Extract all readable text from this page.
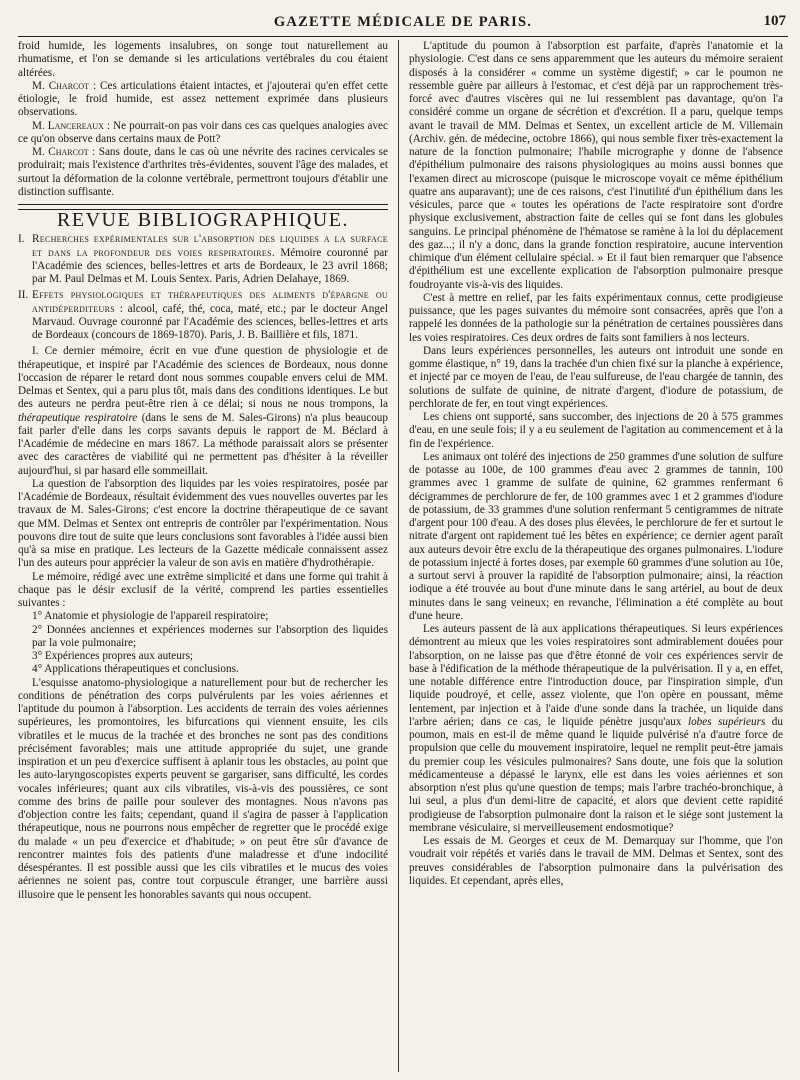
GAZETTE MÉDICALE DE PARIS.	107

froid humide, les logements insalubres, on songe tout naturellement au rhumatisme, et l'on se demande si les articulations vertébrales du cou étaient altérées.

M. Charcot : Ces articulations étaient intactes, et j'ajouterai qu'en effet cette étiologie, le froid humide, est assez nettement exprimée dans plusieurs observations.

M. Lancereaux : Ne pourrait-on pas voir dans ces cas quelques analogies avec ce qu'on observe dans certains maux de Pott?

M. Charcot : Sans doute, dans le cas où une névrite des racines cervicales se produirait; mais l'existence d'arthrites très-évidentes, souvent l'âge des malades, et surtout la déformation de la colonne vertébrale, permettront toujours d'établir une distinction suffisante.

REVUE BIBLIOGRAPHIQUE.

I. Recherches expérimentales sur l'absorption des liquides a la surface et dans la profondeur des voies respiratoires. Mémoire couronné par l'Académie des sciences, belles-lettres et arts de Bordeaux, le 23 avril 1868; par M. Paul Delmas et M. Louis Sentex. Paris, Adrien Delahaye, 1869.

II. Effets physiologiques et thérapeutiques des aliments d'épargne ou antidéperditeurs : alcool, café, thé, coca, maté, etc.; par le docteur Angel Marvaud. Ouvrage couronné par l'Académie des sciences, belles-lettres et arts de Bordeaux (concours de 1869-1870). Paris, J. B. Baillière et fils, 1871.

I. Ce dernier mémoire, écrit en vue d'une question de physiologie et de thérapeutique, et inspiré par l'Académie des sciences de Bordeaux, nous donne l'occasion de réparer le retard dont nous sommes coupable envers celui de MM. Delmas et Sentex, qui a paru plus tôt, mais dans des conditions identiques. Le but des auteurs ne perdra peut-être rien à ce délai; si nous ne nous trompons, la thérapeutique respiratoire (dans le sens de M. Sales-Girons) n'a plus beaucoup fait parler d'elle dans les corps savants depuis le rapport de M. Béclard à l'Académie de médecine en mars 1867. La méthode paraissait alors se présenter avec des caractères de viabilité qui ne permettent pas d'hésiter à la réveiller aujourd'hui, si par hasard elle sommeillait.

La question de l'absorption des liquides par les voies respiratoires, posée par l'Académie de Bordeaux, résultait évidemment des vues nouvelles ouvertes par les travaux de M. Sales-Girons; c'est encore la doctrine thérapeutique de ce savant que MM. Delmas et Sentex ont entrepris de contrôler par l'expérimentation. Nous pouvons dire tout de suite que leurs conclusions sont favorables à l'idée aussi bien qu'à sa mise en pratique. Les lecteurs de la Gazette médicale connaissent assez l'un des auteurs pour apprécier la valeur de son avis en matière d'hydrothérapie.

Le mémoire, rédigé avec une extrême simplicité et dans une forme qui trahit à chaque pas le désir exclusif de la vérité, comprend les parties essentielles suivantes :

1° Anatomie et physiologie de l'appareil respiratoire;

2° Données anciennes et expériences modernes sur l'absorption des liquides par la voie pulmonaire;

3° Expériences propres aux auteurs;

4° Applications thérapeutiques et conclusions.

L'esquisse anatomo-physiologique a naturellement pour but de rechercher les conditions de pénétration des corps pulvérulents par les voies aériennes et l'aptitude du poumon à l'absorption. Les accidents de terrain des voies aériennes supérieures, les promontoires, les bifurcations qui viennent ensuite, les cils vibratiles et le mucus de la trachée et des bronches ne sont pas des conditions précisément favorables; mais une attitude appropriée du sujet, une grande inspiration et un peu d'exercice suffisent à aplanir tous les obstacles, au point que les auto-laryngoscopistes experts peuvent se gargariser, sans difficulté, les cordes vocales inférieures; quant aux cils vibratiles, vis-à-vis des poussières, ce sont comme des brins de paille pour soulever des montagnes. Nous n'avons pas d'objection contre les faits; cependant, quand il s'agira de passer à l'application thérapeutique, nous ne pourrons nous empêcher de regretter que le procédé exige du malade « un peu d'exercice et d'habitude; » on peut être sûr d'avance de rencontrer maintes fois des patients d'une maladresse et d'une indocilité désespérantes. Il est possible aussi que les cils vibratiles et le mucus des voies aériennes ne soient pas, contre tout corpuscule étranger, une barrière aussi illusoire que le pensent les honorables savants qui nous occupent.

L'aptitude du poumon à l'absorption est parfaite, d'après l'anatomie et la physiologie. C'est dans ce sens apparemment que les auteurs du mémoire seraient disposés à la considérer « comme un système digestif; » car le poumon ne ressemble guère par ailleurs à l'estomac, et c'est déjà par un rapprochement très-forcé avec d'autres viscères qui ne lui ressemblent pas davantage, qu'on l'a considéré comme un organe de sécrétion et d'excrétion. Il a paru, quelque temps avant le travail de MM. Delmas et Sentex, un excellent article de M. Villemain (Archiv. gén. de médecine, octobre 1866), qui nous semble fixer très-exactement la nature de la fonction pulmonaire; l'habile micrographe y donne de l'absence d'épithélium pulmonaire des raisons physiologiques au moins aussi bonnes que l'examen direct au microscope (puisque le microscope voyait ce même épithélium quatre ans auparavant); une de ces raisons, c'est l'inutilité d'un épithélium dans les vésicules, parce que « toutes les opérations de l'acte respiratoire sont d'ordre physique exclusivement, abstraction faite de celles qui se font dans les globules sanguins. Le principal phénomène de l'hématose se ramène à la loi du déplacement des gaz...; il n'y a donc, dans la grande fonction respiratoire, aucune intervention chimique d'un élément cellulaire spécial. » Et il faut bien remarquer que l'absence d'épithélium est une excellente explication de l'absorption pulmonaire presque foudroyante vis-à-vis des liquides.

C'est à mettre en relief, par les faits expérimentaux connus, cette prodigieuse puissance, que les pages suivantes du mémoire sont consacrées, après que l'on a rappelé les données de la pathologie sur la pénétration de certaines poussières dans les voies respiratoires. Ces deux ordres de faits sont familiers à nos lecteurs.

Dans leurs expériences personnelles, les auteurs ont introduit une sonde en gomme élastique, n° 19, dans la trachée d'un chien fixé sur la planche à expérience, et injecté par ce moyen de l'eau, de l'eau sulfureuse, de l'eau chargée de tannin, des solutions de sulfate de quinine, de nitrate d'argent, d'iodure de potassium, de perchlorate de fer, en tout vingt expériences.

Les chiens ont supporté, sans succomber, des injections de 20 à 575 grammes d'eau, en une seule fois; il y a eu seulement de l'agitation au commencement et à la fin de l'expérience.

Les animaux ont toléré des injections de 250 grammes d'une solution de sulfure de potasse au 100e, de 100 grammes d'eau avec 2 grammes de tannin, 100 grammes avec 1 gramme de sulfate de quinine, 62 grammes renfermant 6 décigrammes de perchlorure de fer, de 100 grammes avec 1 et 2 grammes d'iodure de potassium, de 33 grammes d'une solution renfermant 5 centigrammes de nitrate d'argent pour 100 d'eau. A des doses plus élevées, le perchlorure de fer et surtout le nitrate d'argent ont rapidement tué les bêtes en expérience; ce dernier agent paraît aux auteurs devoir être exclu de la thérapeutique des organes pulmonaires. L'iodure de potassium injecté à fortes doses, par exemple 60 grammes d'une solution au 10e, a surtout servi à prouver la rapidité de l'absorption pulmonaire; ainsi, la réaction iodique a été trouvée au bout d'une minute dans le sang artériel, au bout de deux minutes dans le sang veineux; en revanche, l'élimination a été complète au bout d'une heure.

Les auteurs passent de là aux applications thérapeutiques. Si leurs expériences démontrent au mieux que les voies respiratoires sont admirablement douées pour l'absorption, on ne laisse pas que d'être étonné de voir ces expériences servir de base à l'édification de la méthode thérapeutique de la pulvérisation. Il y a, en effet, une notable différence entre l'introduction douce, par l'inspiration simple, d'un liquide poudroyé, et celle, assez violente, que l'on opère en poussant, même lentement, par injection et à l'aide d'une sonde dans la trachée, un liquide dans l'arbre aérien; dans ce cas, le liquide pénètre jusqu'aux lobes supérieurs du poumon, mais en est-il de même quand le liquide pulvérisé n'a d'autre force de propulsion que celle du mouvement inspiratoire, lequel ne remplit peut-être jamais du premier coup les vésicules pulmonaires? Sans doute, une fois que la solution médicamenteuse a dépassé le larynx, elle est dans les voies aériennes et son absorption n'est plus qu'une question de temps; mais l'arbre trachéo-bronchique, à lui seul, a plus d'un demi-litre de capacité, et alors que devient cette rapidité prodigieuse de l'absorption pulmonaire dont la raison et le siége sont justement la membrane vésiculaire, si merveilleusement endosmotique?

Les essais de M. Georges et ceux de M. Demarquay sur l'homme, que l'on voudrait voir répétés et variés dans le travail de MM. Delmas et Sentex, sont des preuves considérables de l'absorption pulmonaire dans la pulvérisation des liquides. Et cependant, après elles,
